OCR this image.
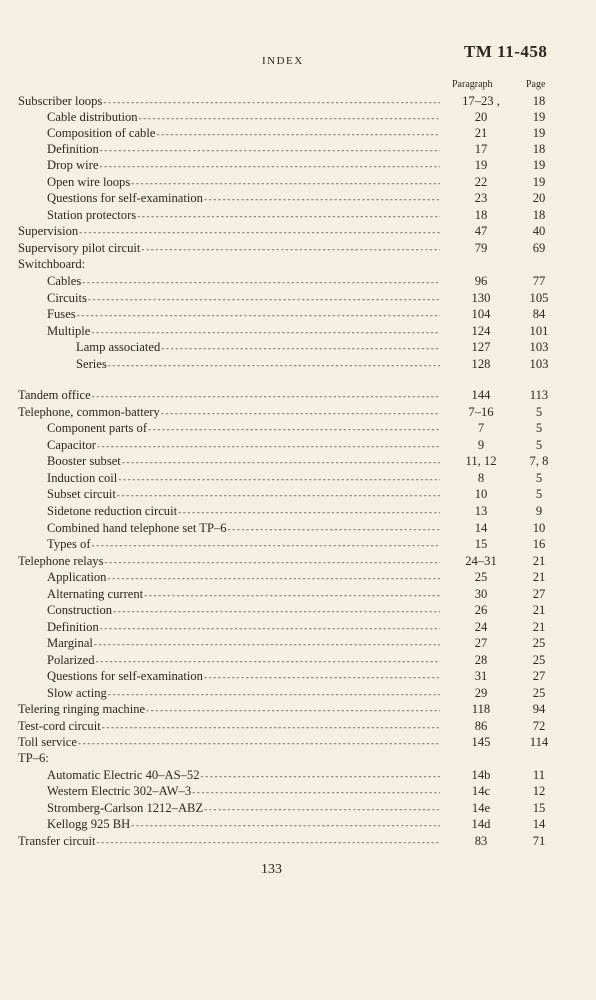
INDEX	TM 11-458
Paragraph	Page
Subscriber loops - - -	17–23 ,	18
Cable distribution - - -	20	19
Composition of cable - - -	21	19
Definition - - -	17	18
Drop wire - - -	19	19
Open wire loops - - -	22	19
Questions for self-examination - - -	23	20
Station protectors - - -	18	18
Supervision - - -	47	40
Supervisory pilot circuit - - -	79	69
Switchboard:
Cables - - -	96	77
Circuits - - -	130	105
Fuses - - -	104	84
Multiple - - -	124	101
Lamp associated - - -	127	103
Series - - -	128	103
Tandem office - - -	144	113
Telephone, common-battery - - -	7–16	5
Component parts of - - -	7	5
Capacitor - - -	9	5
Booster subset - - -	11, 12	7, 8
Induction coil - - -	8	5
Subset circuit - - -	10	5
Sidetone reduction circuit - - -	13	9
Combined hand telephone set TP–6 - - -	14	10
Types of - - -	15	16
Telephone relays - - -	24–31	21
Application - - -	25	21
Alternating current - - -	30	27
Construction - - -	26	21
Definition - - -	24	21
Marginal - - -	27	25
Polarized - - -	28	25
Questions for self-examination - - -	31	27
Slow acting - - -	29	25
Telering ringing machine - - -	118	94
Test-cord circuit - - -	86	72
Toll service - - -	145	114
TP–6:
Automatic Electric 40–AS–52 - - -	14b	11
Western Electric 302–AW–3 - - -	14c	12
Stromberg-Carlson 1212–ABZ - - -	14e	15
Kellogg 925 BH - - -	14d	14
Transfer circuit - - -	83	71
133
